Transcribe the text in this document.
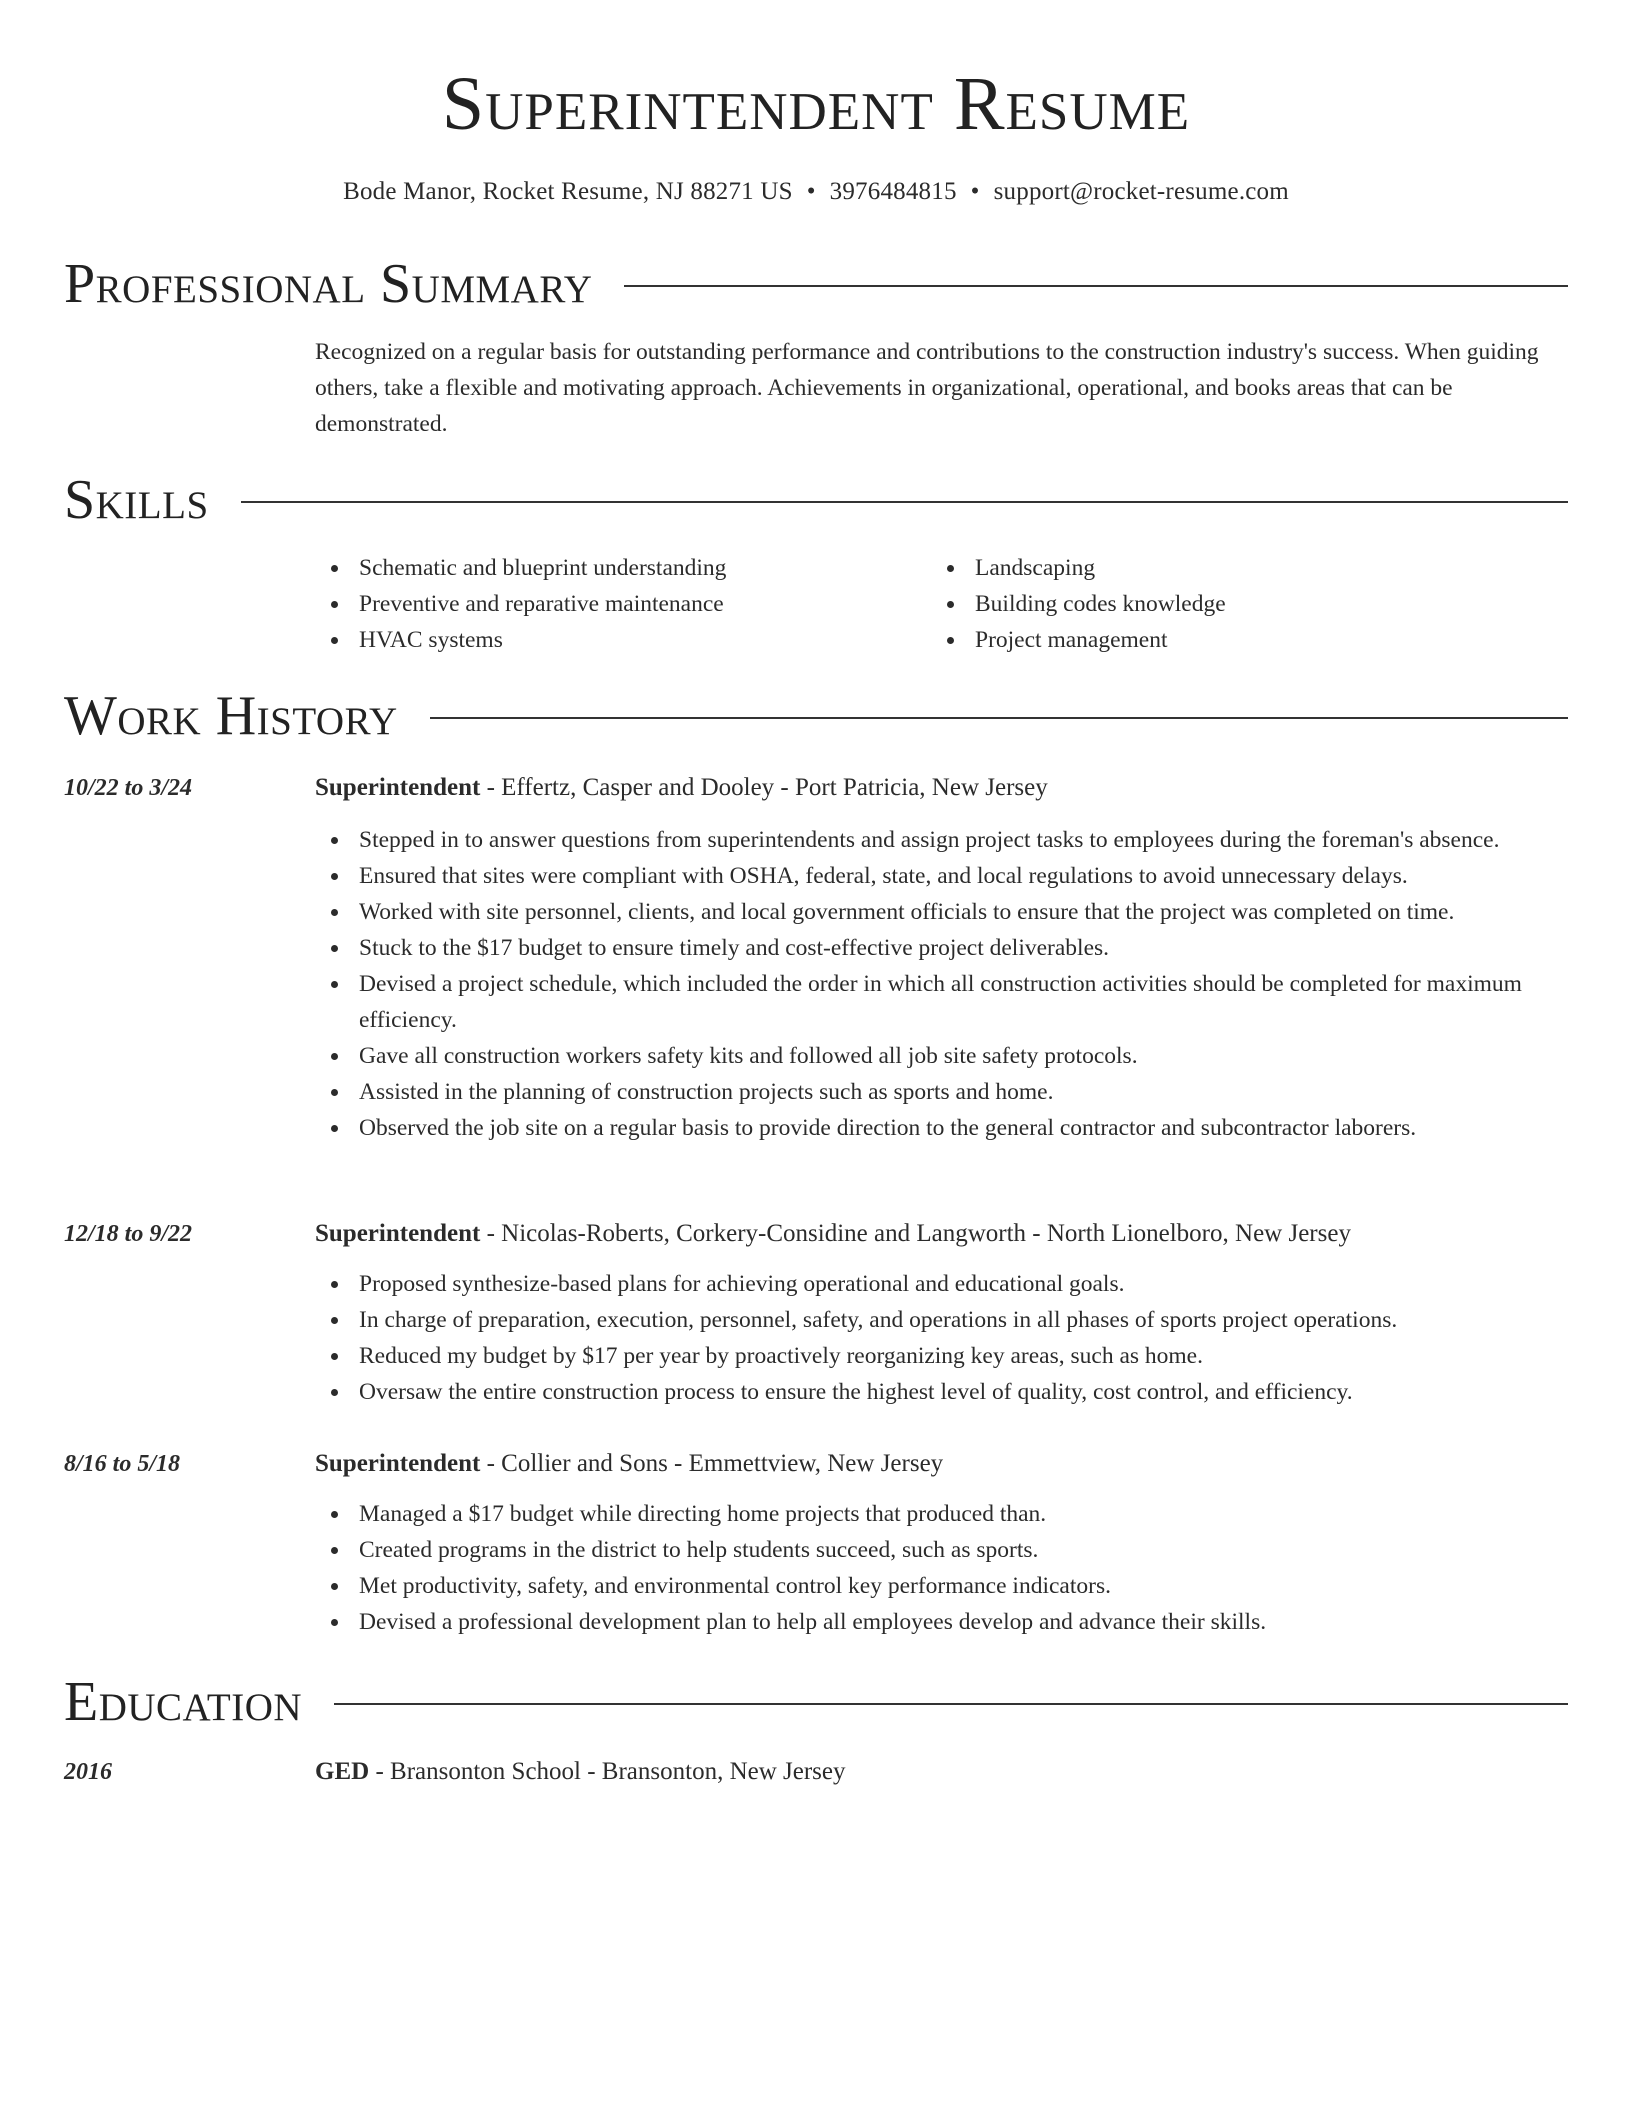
Superintendent Resume
Bode Manor, Rocket Resume, NJ 88271 US • 3976484815 • support@rocket-resume.com
Professional Summary
Recognized on a regular basis for outstanding performance and contributions to the construction industry's success. When guiding others, take a flexible and motivating approach. Achievements in organizational, operational, and books areas that can be demonstrated.
Skills
Schematic and blueprint understanding
Preventive and reparative maintenance
HVAC systems
Landscaping
Building codes knowledge
Project management
Work History
10/22 to 3/24	Superintendent - Effertz, Casper and Dooley - Port Patricia, New Jersey
Stepped in to answer questions from superintendents and assign project tasks to employees during the foreman's absence.
Ensured that sites were compliant with OSHA, federal, state, and local regulations to avoid unnecessary delays.
Worked with site personnel, clients, and local government officials to ensure that the project was completed on time.
Stuck to the $17 budget to ensure timely and cost-effective project deliverables.
Devised a project schedule, which included the order in which all construction activities should be completed for maximum efficiency.
Gave all construction workers safety kits and followed all job site safety protocols.
Assisted in the planning of construction projects such as sports and home.
Observed the job site on a regular basis to provide direction to the general contractor and subcontractor laborers.
12/18 to 9/22	Superintendent - Nicolas-Roberts, Corkery-Considine and Langworth - North Lionelboro, New Jersey
Proposed synthesize-based plans for achieving operational and educational goals.
In charge of preparation, execution, personnel, safety, and operations in all phases of sports project operations.
Reduced my budget by $17 per year by proactively reorganizing key areas, such as home.
Oversaw the entire construction process to ensure the highest level of quality, cost control, and efficiency.
8/16 to 5/18	Superintendent - Collier and Sons - Emmettview, New Jersey
Managed a $17 budget while directing home projects that produced than.
Created programs in the district to help students succeed, such as sports.
Met productivity, safety, and environmental control key performance indicators.
Devised a professional development plan to help all employees develop and advance their skills.
Education
2016	GED - Bransonton School - Bransonton, New Jersey
